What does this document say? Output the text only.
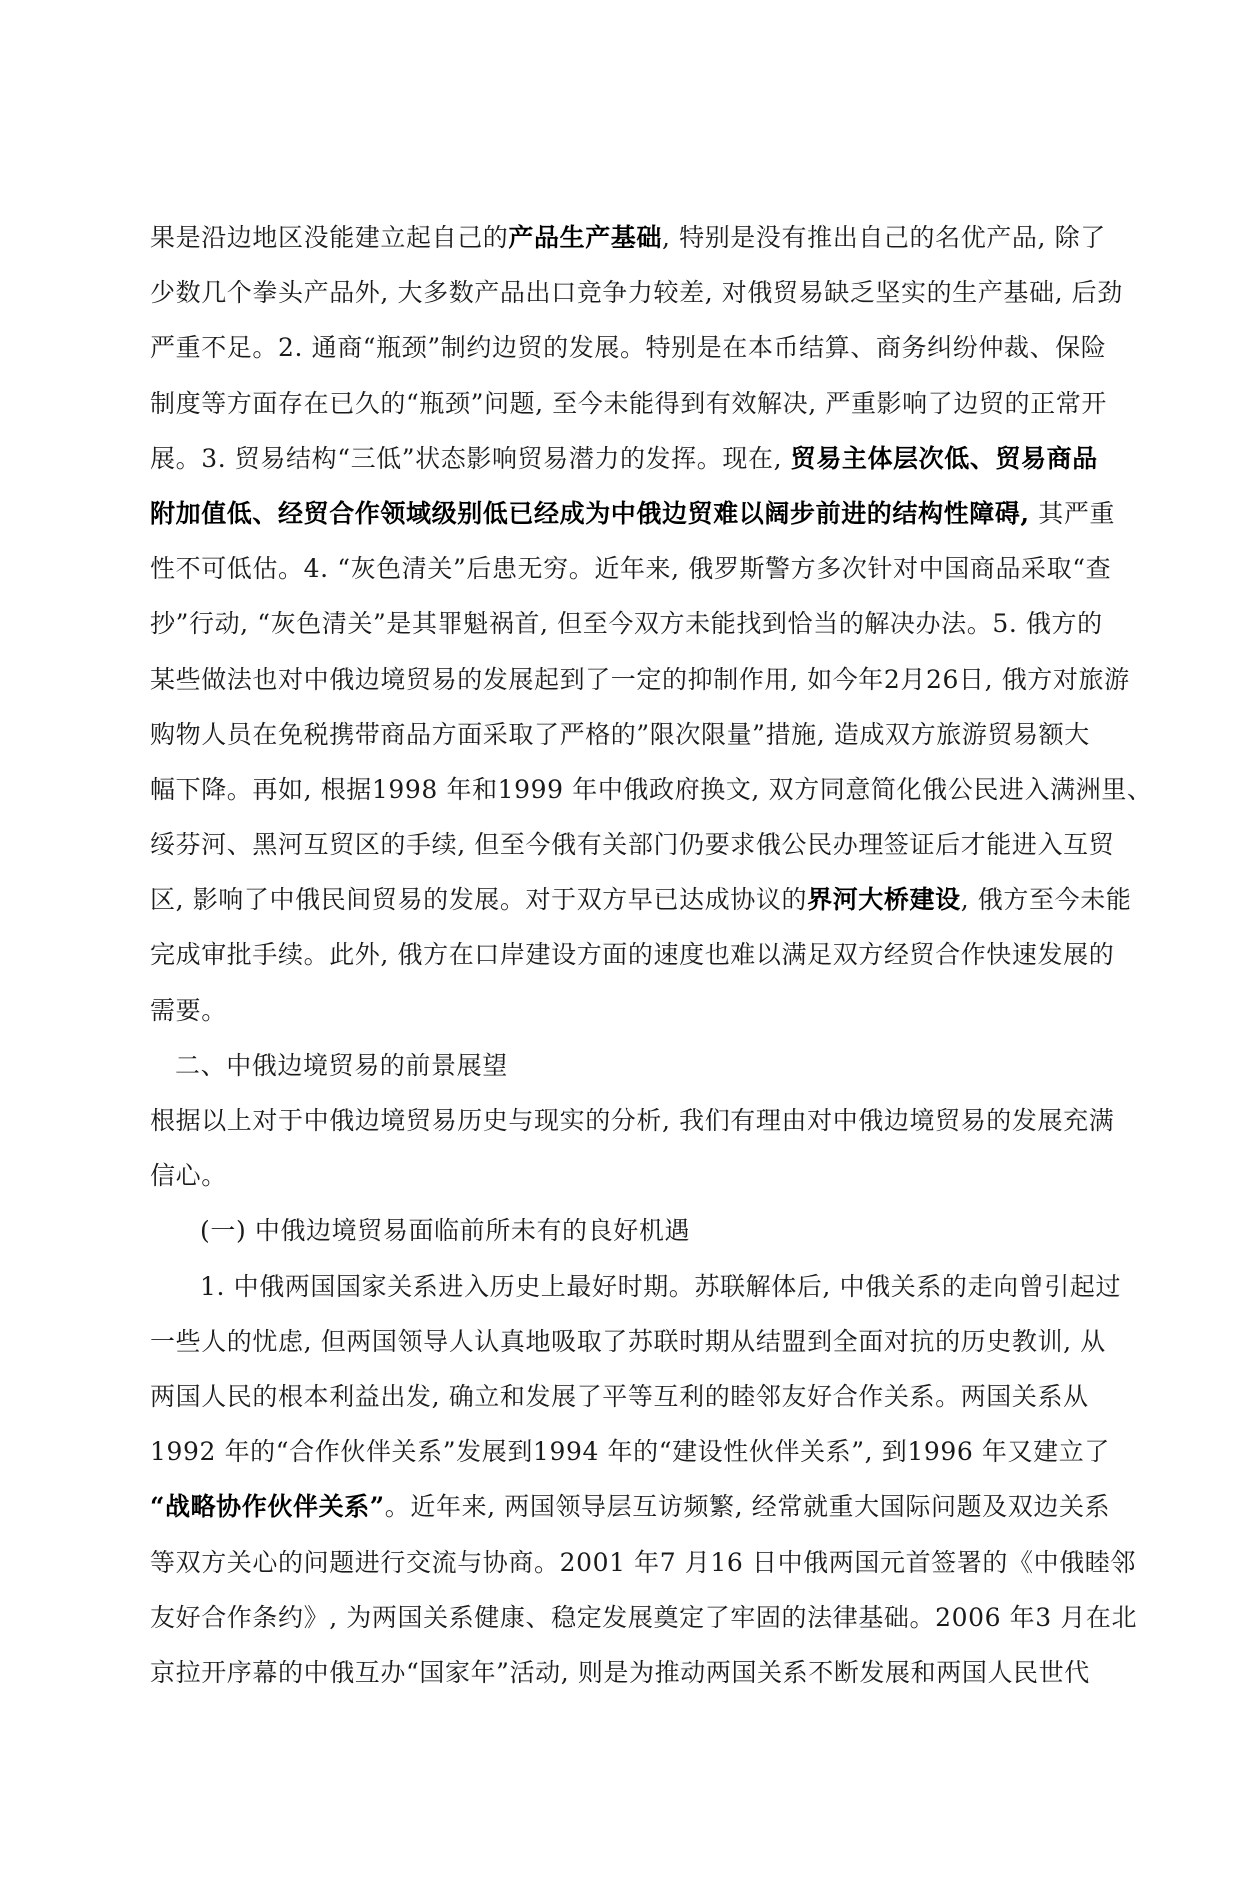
果是沿边地区没能建立起自己的产品生产基础, 特别是没有推出自己的名优产品, 除了
少数几个拳头产品外, 大多数产品出口竞争力较差, 对俄贸易缺乏坚实的生产基础, 后劲
严重不足。2. 通商“瓶颈”制约边贸的发展。特别是在本币结算、商务纠纷仲裁、保险
制度等方面存在已久的“瓶颈”问题, 至今未能得到有效解决, 严重影响了边贸的正常开
展。3. 贸易结构“三低”状态影响贸易潜力的发挥。现在, 贸易主体层次低、贸易商品
附加值低、经贸合作领域级别低已经成为中俄边贸难以阔步前进的结构性障碍, 其严重
性不可低估。4. “灰色清关”后患无穷。近年来, 俄罗斯警方多次针对中国商品采取“查
抄”行动, “灰色清关”是其罪魁祸首, 但至今双方未能找到恰当的解决办法。5. 俄方的
某些做法也对中俄边境贸易的发展起到了一定的抑制作用, 如今年2月26日, 俄方对旅游
购物人员在免税携带商品方面采取了严格的”限次限量”措施, 造成双方旅游贸易额大
幅下降。再如, 根据1998 年和1999 年中俄政府换文, 双方同意简化俄公民进入满洲里、
绥芬河、黑河互贸区的手续, 但至今俄有关部门仍要求俄公民办理签证后才能进入互贸
区, 影响了中俄民间贸易的发展。对于双方早已达成协议的界河大桥建设, 俄方至今未能
完成审批手续。此外, 俄方在口岸建设方面的速度也难以满足双方经贸合作快速发展的
需要。
二、中俄边境贸易的前景展望
根据以上对于中俄边境贸易历史与现实的分析, 我们有理由对中俄边境贸易的发展充满
信心。
(一) 中俄边境贸易面临前所未有的良好机遇
1. 中俄两国国家关系进入历史上最好时期。苏联解体后, 中俄关系的走向曾引起过
一些人的忧虑, 但两国领导人认真地吸取了苏联时期从结盟到全面对抗的历史教训, 从
两国人民的根本利益出发, 确立和发展了平等互利的睦邻友好合作关系。两国关系从
1992 年的“合作伙伴关系”发展到1994 年的“建设性伙伴关系”, 到1996 年又建立了
“战略协作伙伴关系”。近年来, 两国领导层互访频繁, 经常就重大国际问题及双边关系
等双方关心的问题进行交流与协商。2001 年7 月16 日中俄两国元首签署的《中俄睦邻
友好合作条约》, 为两国关系健康、稳定发展奠定了牢固的法律基础。2006 年3 月在北
京拉开序幕的中俄互办“国家年”活动, 则是为推动两国关系不断发展和两国人民世代
